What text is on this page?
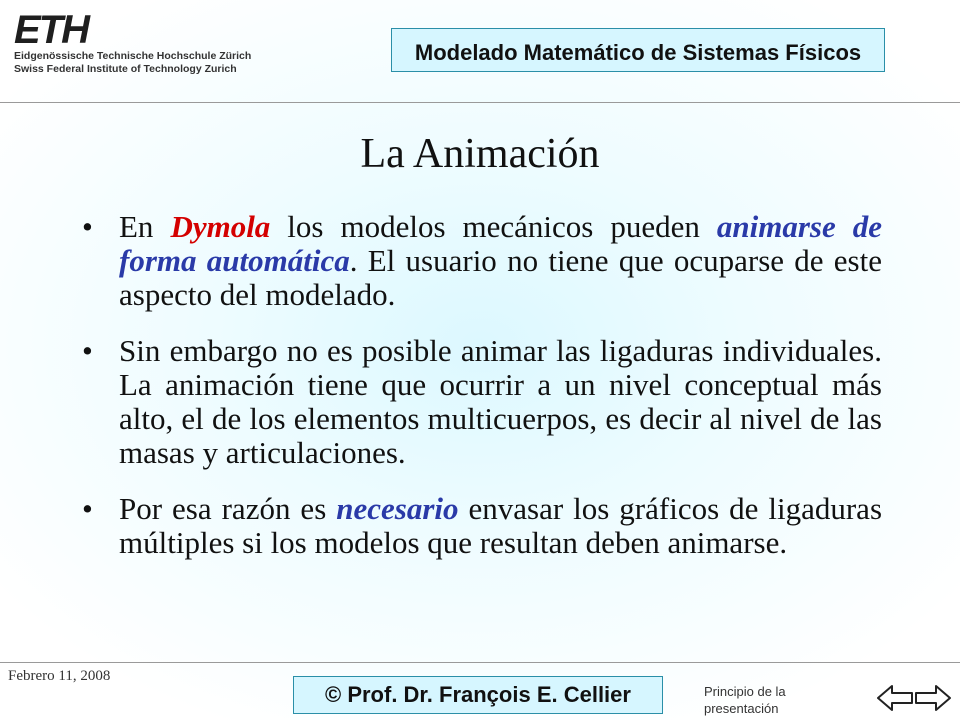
ETH
Eidgenössische Technische Hochschule Zürich
Swiss Federal Institute of Technology Zurich
Modelado Matemático de Sistemas Físicos
La Animación
• En Dymola los modelos mecánicos pueden animarse de forma automática. El usuario no tiene que ocuparse de este aspecto del modelado.
• Sin embargo no es posible animar las ligaduras individuales. La animación tiene que ocurrir a un nivel conceptual más alto, el de los elementos multicuerpos, es decir al nivel de las masas y articulaciones.
• Por esa razón es necesario envasar los gráficos de ligaduras múltiples si los modelos que resultan deben animarse.
Febrero 11, 2008
© Prof. Dr. François E. Cellier	Principio de la presentación
